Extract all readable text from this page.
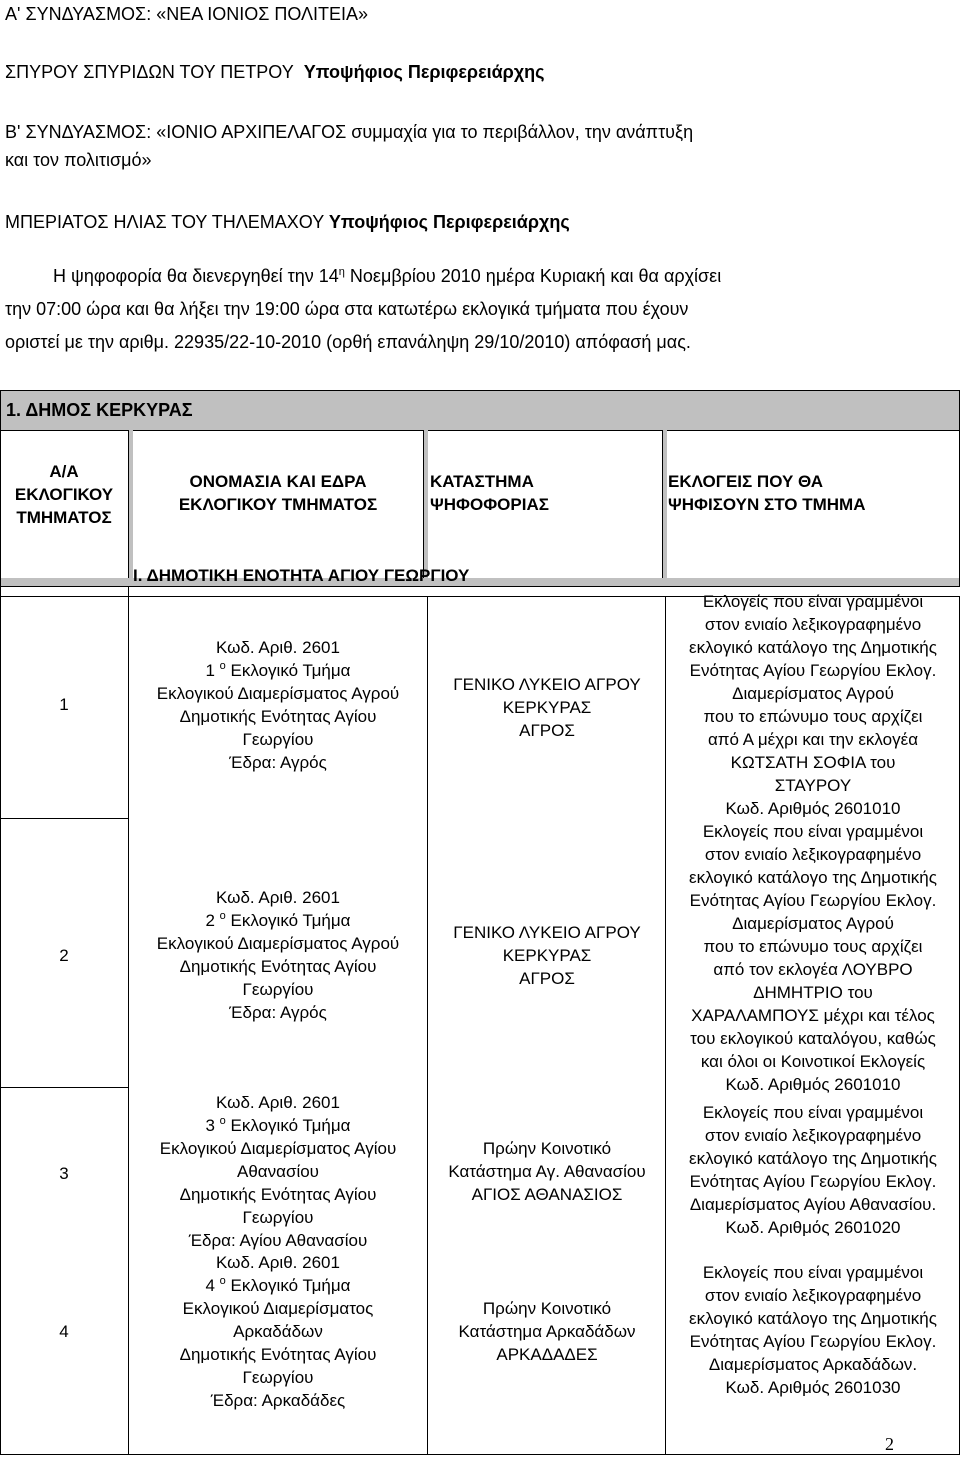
Α' ΣΥΝΔΥΑΣΜΟΣ: «ΝΕΑ ΙΟΝΙΟΣ ΠΟΛΙΤΕΙΑ»
ΣΠΥΡΟΥ ΣΠΥΡΙΔΩΝ ΤΟΥ ΠΕΤΡΟΥ Υποψήφιος Περιφερειάρχης
Β' ΣΥΝΔΥΑΣΜΟΣ: «ΙΟΝΙΟ ΑΡΧΙΠΕΛΑΓΟΣ συμμαχία για το περιβάλλον, την ανάπτυξη
και τον πολιτισμό»
ΜΠΕΡΙΑΤΟΣ ΗΛΙΑΣ ΤΟΥ ΤΗΛΕΜΑΧΟΥ Υποψήφιος Περιφερειάρχης
Η ψηφοφορία θα διενεργηθεί την $14^\eta$ Νοεμβρίου 2010 ημέρα Κυριακή και θα αρχίσει
την 07:00 ώρα και θα λήξει την 19:00 ώρα στα κατωτέρω εκλογικά τμήματα που έχουν
οριστεί με την αριθμ. 22935/22-10-2010 (ορθή επανάληψη 29/10/2010) απόφασή μας.
1. ΔΗΜΟΣ ΚΕΡΚΥΡΑΣ
Α/Α
ΕΚΛΟΓΙΚΟΥ
ΤΜΗΜΑΤΟΣ
ΟΝΟΜΑΣΙΑ ΚΑΙ ΕΔΡΑ
ΕΚΛΟΓΙΚΟΥ ΤΜΗΜΑΤΟΣ
ΚΑΤΑΣΤΗΜΑ
ΨΗΦΟΦΟΡΙΑΣ
ΕΚΛΟΓΕΙΣ ΠΟΥ ΘΑ
ΨΗΦΙΣΟΥΝ ΣΤΟ ΤΜΗΜΑ
Ι. ΔΗΜΟΤΙΚΗ ΕΝΟΤΗΤΑ ΑΓΙΟΥ ΓΕΩΡΓΙΟΥ
1
2
3
4
Κωδ. Αριθ. 2601
1 $^o$ Εκλογικό Τμήμα
Εκλογικού Διαμερίσματος Αγρού
Δημοτικής Ενότητας Αγίου
Γεωργίου
Έδρα: Αγρός
Κωδ. Αριθ. 2601
2 $^o$ Εκλογικό Τμήμα
Εκλογικού Διαμερίσματος Αγρού
Δημοτικής Ενότητας Αγίου
Γεωργίου
Έδρα: Αγρός
Κωδ. Αριθ. 2601
3 $^o$ Εκλογικό Τμήμα
Εκλογικού Διαμερίσματος Αγίου
Αθανασίου
Δημοτικής Ενότητας Αγίου
Γεωργίου
Έδρα: Αγίου Αθανασίου
Κωδ. Αριθ. 2601
4 $^o$ Εκλογικό Τμήμα
Εκλογικού Διαμερίσματος
Αρκαδάδων
Δημοτικής Ενότητας Αγίου
Γεωργίου
Έδρα: Αρκαδάδες
ΓΕΝΙΚΟ ΛΥΚΕΙΟ ΑΓΡΟΥ
ΚΕΡΚΥΡΑΣ
ΑΓΡΟΣ
ΓΕΝΙΚΟ ΛΥΚΕΙΟ ΑΓΡΟΥ
ΚΕΡΚΥΡΑΣ
ΑΓΡΟΣ
Πρώην Κοινοτικό
Κατάστημα Αγ. Αθανασίου
ΑΓΙΟΣ ΑΘΑΝΑΣΙΟΣ
Πρώην Κοινοτικό
Κατάστημα Αρκαδάδων
ΑΡΚΑΔΑΔΕΣ
Εκλογείς που είναι γραμμένοι
στον ενιαίο λεξικογραφημένο
εκλογικό κατάλογο της Δημοτικής
Ενότητας Αγίου Γεωργίου Εκλογ.
Διαμερίσματος Αγρού
που το επώνυμο τους αρχίζει
από Α μέχρι και την εκλογέα
ΚΩΤΣΑΤΗ ΣΟΦΙΑ του
ΣΤΑΥΡΟΥ
Κωδ. Αριθμός 2601010
Εκλογείς που είναι γραμμένοι
στον ενιαίο λεξικογραφημένο
εκλογικό κατάλογο της Δημοτικής
Ενότητας Αγίου Γεωργίου Εκλογ.
Διαμερίσματος Αγρού
που το επώνυμο τους αρχίζει
από τον εκλογέα ΛΟΥΒΡΟ
ΔΗΜΗΤΡΙΟ του
ΧΑΡΑΛΑΜΠΟΥΣ μέχρι και τέλος
του εκλογικού καταλόγου, καθώς
και όλοι οι Κοινοτικοί Εκλογείς
Κωδ. Αριθμός 2601010
Εκλογείς που είναι γραμμένοι
στον ενιαίο λεξικογραφημένο
εκλογικό κατάλογο της Δημοτικής
Ενότητας Αγίου Γεωργίου Εκλογ.
Διαμερίσματος Αγίου Αθανασίου.
Κωδ. Αριθμός 2601020
Εκλογείς που είναι γραμμένοι
στον ενιαίο λεξικογραφημένο
εκλογικό κατάλογο της Δημοτικής
Ενότητας Αγίου Γεωργίου Εκλογ.
Διαμερίσματος Αρκαδάδων.
Κωδ. Αριθμός 2601030
2
